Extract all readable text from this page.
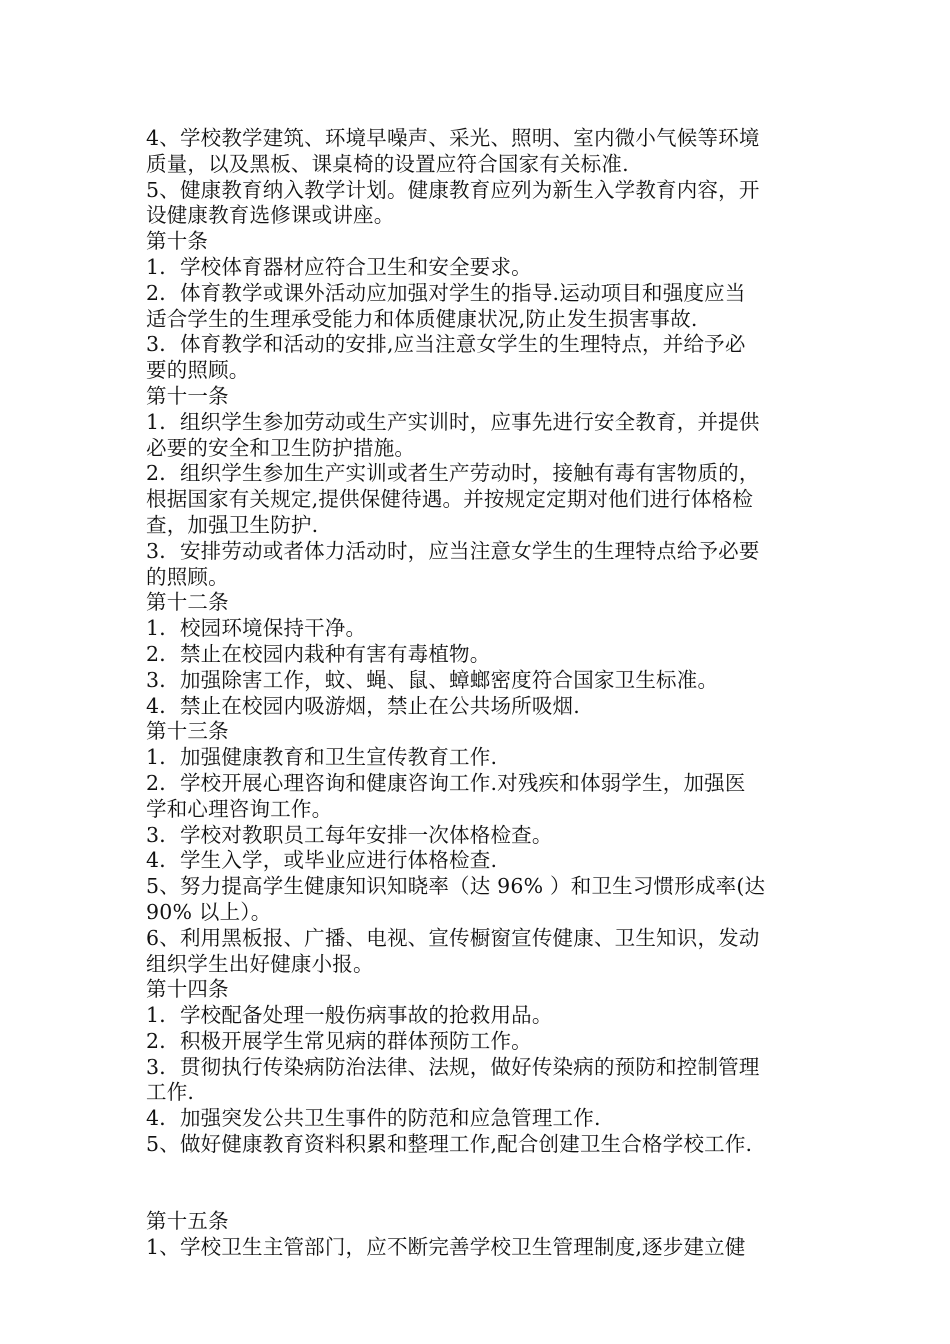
4、学校教学建筑、环境早噪声、采光、照明、室内微小气候等环境
质量，以及黑板、课桌椅的设置应符合国家有关标准.
5、健康教育纳入教学计划。健康教育应列为新生入学教育内容，开
设健康教育选修课或讲座。
第十条
1．学校体育器材应符合卫生和安全要求。
2．体育教学或课外活动应加强对学生的指导.运动项目和强度应当
适合学生的生理承受能力和体质健康状况,防止发生损害事故.
3．体育教学和活动的安排,应当注意女学生的生理特点，并给予必
要的照顾。
第十一条
1．组织学生参加劳动或生产实训时，应事先进行安全教育，并提供
必要的安全和卫生防护措施。
2．组织学生参加生产实训或者生产劳动时，接触有毒有害物质的，
根据国家有关规定,提供保健待遇。并按规定定期对他们进行体格检
查，加强卫生防护.
3．安排劳动或者体力活动时，应当注意女学生的生理特点给予必要
的照顾。
第十二条
1．校园环境保持干净。
2．禁止在校园内栽种有害有毒植物。
3．加强除害工作，蚊、蝇、鼠、蟑螂密度符合国家卫生标准。
4．禁止在校园内吸游烟，禁止在公共场所吸烟.
第十三条
1．加强健康教育和卫生宣传教育工作.
2．学校开展心理咨询和健康咨询工作.对残疾和体弱学生，加强医
学和心理咨询工作。
3．学校对教职员工每年安排一次体格检查。
4．学生入学，或毕业应进行体格检查.
5、努力提高学生健康知识知晓率（达 96% ）和卫生习惯形成率(达
90% 以上）。
6、利用黑板报、广播、电视、宣传橱窗宣传健康、卫生知识，发动
组织学生出好健康小报。
第十四条
1．学校配备处理一般伤病事故的抢救用品。
2．积极开展学生常见病的群体预防工作。
3．贯彻执行传染病防治法律、法规，做好传染病的预防和控制管理
工作.
4．加强突发公共卫生事件的防范和应急管理工作.
5、做好健康教育资料积累和整理工作,配合创建卫生合格学校工作.
第十五条
1、学校卫生主管部门，应不断完善学校卫生管理制度,逐步建立健
